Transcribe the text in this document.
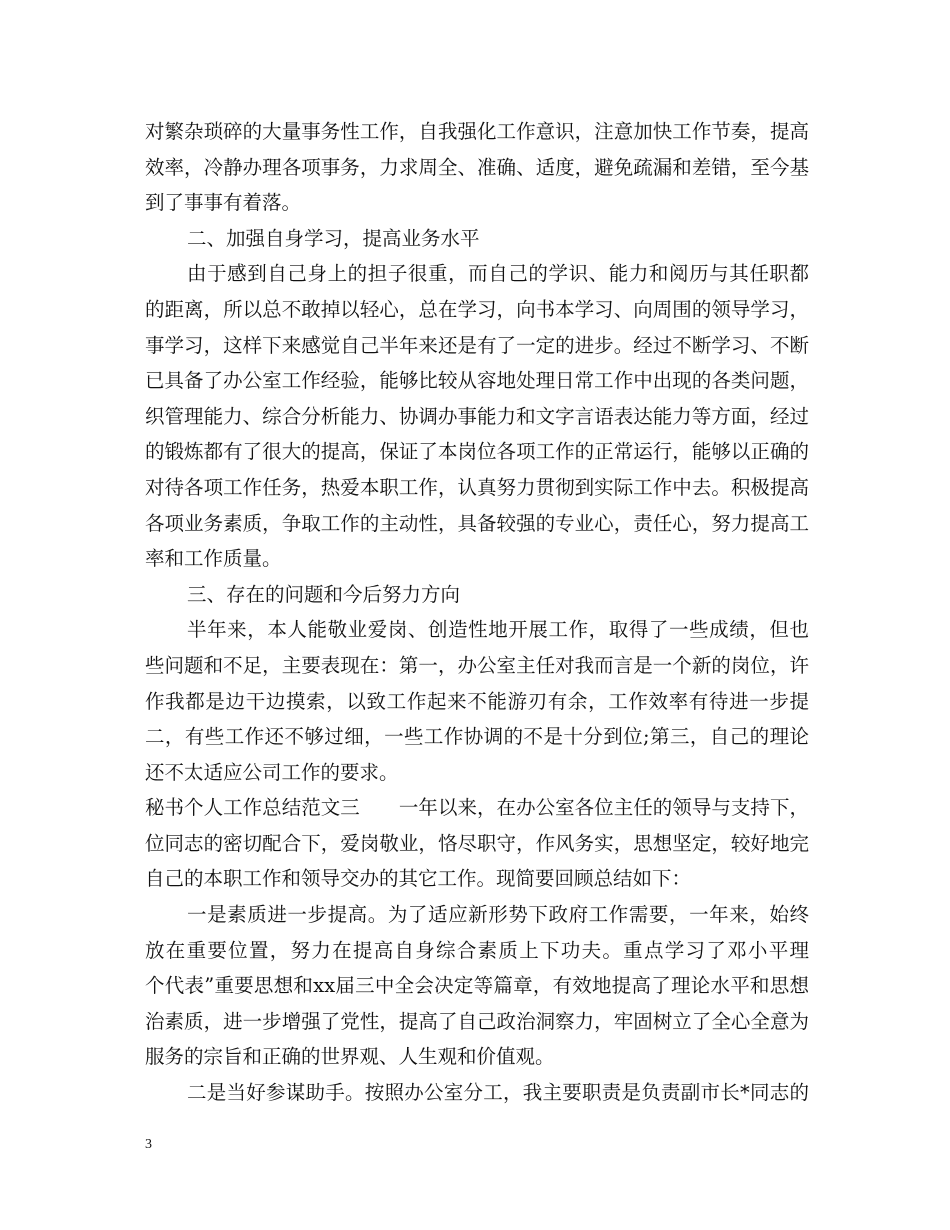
对繁杂琐碎的大量事务性工作，自我强化工作意识，注意加快工作节奏，提高
效率，冷静办理各项事务，力求周全、准确、适度，避免疏漏和差错，至今基
到了事事有着落。
二、加强自身学习，提高业务水平
由于感到自己身上的担子很重，而自己的学识、能力和阅历与其任职都
的距离，所以总不敢掉以轻心，总在学习，向书本学习、向周围的领导学习，
事学习，这样下来感觉自己半年来还是有了一定的进步。经过不断学习、不断
已具备了办公室工作经验，能够比较从容地处理日常工作中出现的各类问题，
织管理能力、综合分析能力、协调办事能力和文字言语表达能力等方面，经过
的锻炼都有了很大的提高，保证了本岗位各项工作的正常运行，能够以正确的
对待各项工作任务，热爱本职工作，认真努力贯彻到实际工作中去。积极提高
各项业务素质，争取工作的主动性，具备较强的专业心，责任心，努力提高工
率和工作质量。
三、存在的问题和今后努力方向
半年来，本人能敬业爱岗、创造性地开展工作，取得了一些成绩，但也
些问题和不足，主要表现在：第一，办公室主任对我而言是一个新的岗位，许
作我都是边干边摸索，以致工作起来不能游刃有余，工作效率有待进一步提
二，有些工作还不够过细，一些工作协调的不是十分到位;第三，自己的理论
还不太适应公司工作的要求。
秘书个人工作总结范文三　　一年以来，在办公室各位主任的领导与支持下，
位同志的密切配合下，爱岗敬业，恪尽职守，作风务实，思想坚定，较好地完
自己的本职工作和领导交办的其它工作。现简要回顾总结如下：
一是素质进一步提高。为了适应新形势下政府工作需要，一年来，始终
放在重要位置，努力在提高自身综合素质上下功夫。重点学习了邓小平理
个代表”重要思想和xx届三中全会决定等篇章，有效地提高了理论水平和思想
治素质，进一步增强了党性，提高了自己政治洞察力，牢固树立了全心全意为
服务的宗旨和正确的世界观、人生观和价值观。
二是当好参谋助手。按照办公室分工，我主要职责是负责副市长*同志的
3
